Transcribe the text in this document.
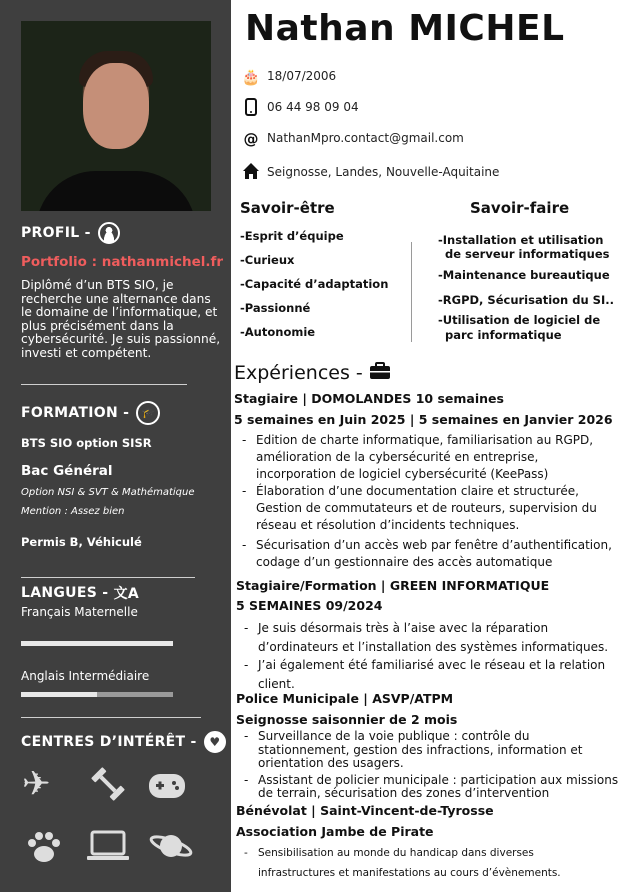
PROFIL -
Portfolio : nathanmichel.fr
Diplômé d’un BTS SIO, je recherche une alternance dans le domaine de l’informatique, et plus précisément dans la cybersécurité. Je suis passionné, investi et compétent.
FORMATION - 🎓
BTS SIO option SISR
Bac Général
Option NSI & SVT & Mathématique
Mention : Assez bien
Permis B, Véhiculé
LANGUES - 文A
Français Maternelle
Anglais Intermédiaire
CENTRES D’INTÉRÊT - ♥
✈
Nathan MICHEL
🎂 18/07/2006
06 44 98 09 04
@ NathanMpro.contact@gmail.com
Seignosse, Landes, Nouvelle-Aquitaine
Savoir-être
-Esprit d’équipe
-Curieux
-Capacité d’adaptation
-Passionné
-Autonomie
Savoir-faire
-Installation et utilisation
de serveur informatiques
-Maintenance bureautique
-RGPD, Sécurisation du SI..
-Utilisation de logiciel de
parc informatique
Expériences -
Stagiaire | DOMOLANDES 10 semaines
5 semaines en Juin 2025 | 5 semaines en Janvier 2026
- Edition de charte informatique, familiarisation au RGPD, amélioration de la cybersécurité en entreprise, incorporation de logiciel cybersécurité (KeePass)
- Élaboration d’une documentation claire et structurée, Gestion de commutateurs et de routeurs, supervision du réseau et résolution d’incidents techniques.
- Sécurisation d’un accès web par fenêtre d’authentification, codage d’un gestionnaire des accès automatique
Stagiaire/Formation | GREEN INFORMATIQUE
5 SEMAINES 09/2024
- Je suis désormais très à l’aise avec la réparation d’ordinateurs et l’installation des systèmes informatiques.
- J’ai également été familiarisé avec le réseau et la relation client.
Police Municipale | ASVP/ATPM
Seignosse saisonnier de 2 mois
- Surveillance de la voie publique : contrôle du stationnement, gestion des infractions, information et orientation des usagers.
- Assistant de policier municipale : participation aux missions de terrain, sécurisation des zones d’intervention
Bénévolat | Saint-Vincent-de-Tyrosse
Association Jambe de Pirate
- Sensibilisation au monde du handicap dans diverses infrastructures et manifestations au cours d’évènements.
